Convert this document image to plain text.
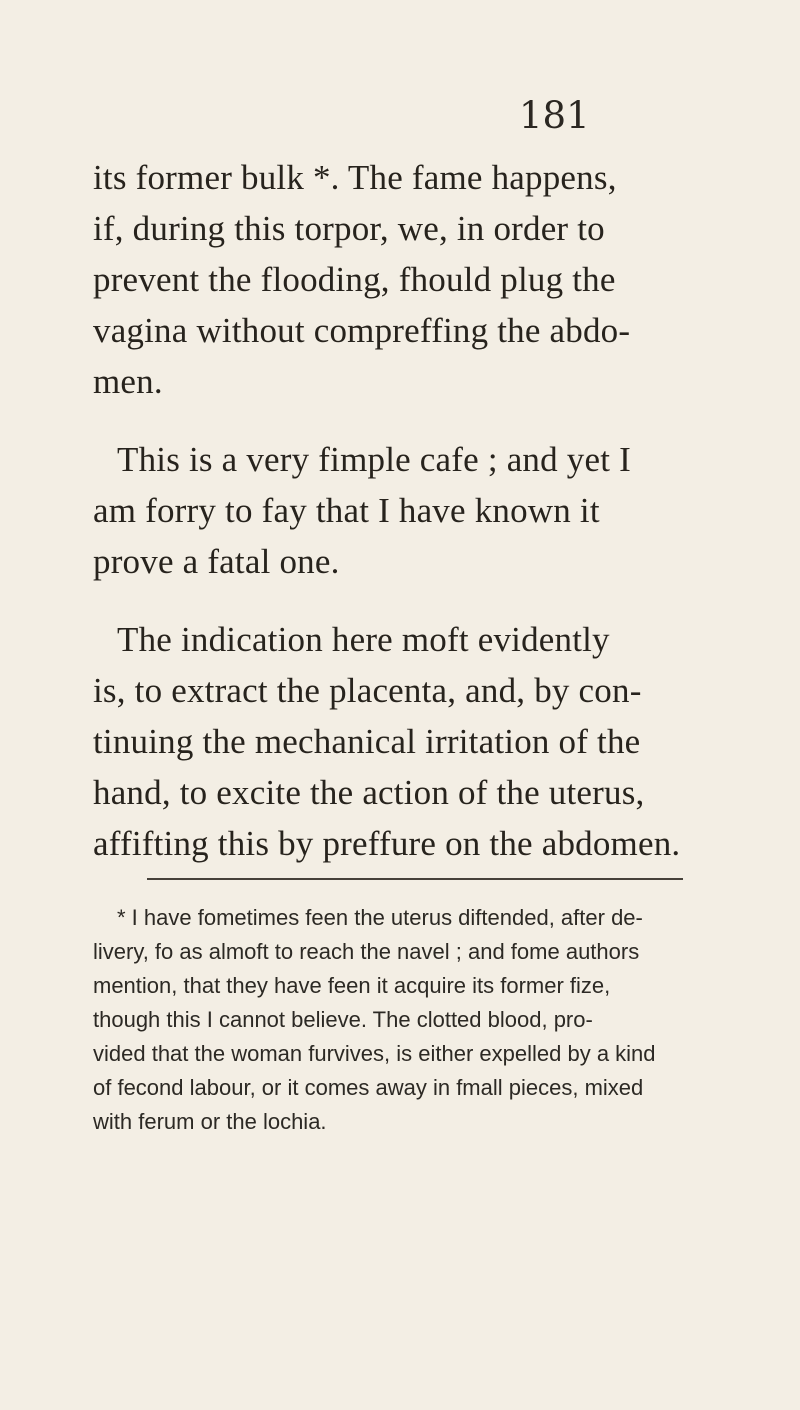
181
its former bulk *. The fame happens,
if, during this torpor, we, in order to
prevent the flooding, fhould plug the
vagina without compreffing the abdo-
men.
This is a very fimple cafe ; and yet I
am forry to fay that I have known it
prove a fatal one.
The indication here moft evidently
is, to extract the placenta, and, by con-
tinuing the mechanical irritation of the
hand, to excite the action of the uterus,
affifting this by preffure on the abdomen.
* I have fometimes feen the uterus diftended, after de-
livery, fo as almoft to reach the navel ; and fome authors
mention, that they have feen it acquire its former fize,
though this I cannot believe. The clotted blood, pro-
vided that the woman furvives, is either expelled by a kind
of fecond labour, or it comes away in fmall pieces, mixed
with ferum or the lochia.
